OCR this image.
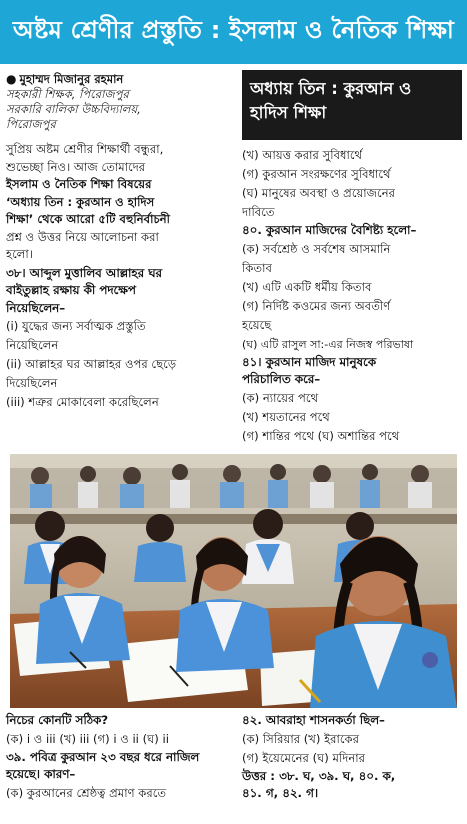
অষ্টম শ্রেণীর প্রস্তুতি : ইসলাম ও নৈতিক শিক্ষা
● মুহাম্মদ মিজানুর রহমান
সহকারী শিক্ষক, পিরোজপুর
সরকারি বালিকা উচ্চবিদ্যালয়,
পিরোজপুর
সুপ্রিয় অষ্টম শ্রেণীর শিক্ষার্থী বন্ধুরা,
শুভেচ্ছা নিও। আজ তোমাদের
ইসলাম ও নৈতিক শিক্ষা বিষয়ের
‘অধ্যায় তিন : কুরআন ও হাদিস
শিক্ষা’ থেকে আরো ৫টি বহুনির্বাচনী
প্রশ্ন ও উত্তর নিয়ে আলোচনা করা
হলো।
৩৮। আব্দুল মুত্তালিব আল্লাহর ঘর
বাইতুল্লাহ রক্ষায় কী পদক্ষেপ
নিয়েছিলেন–
(i) যুদ্ধের জন্য সর্বাত্মক প্রস্তুতি
নিয়েছিলেন
(ii) আল্লাহর ঘর আল্লাহর ওপর ছেড়ে
দিয়েছিলেন
(iii) শত্রুর মোকাবেলা করেছিলেন
অধ্যায় তিন : কুরআন ও হাদিস শিক্ষা
(খ) আয়ত্ত করার সুবিধার্থে
(গ) কুরআন সংরক্ষণের সুবিধার্থে
(ঘ) মানুষের অবস্থা ও প্রয়োজনের
দাবিতে
৪০. কুরআন মাজিদের বৈশিষ্ট্য হলো–
(ক) সর্বশ্রেষ্ঠ ও সর্বশেষ আসমানি
কিতাব
(খ) এটি একটি ধর্মীয় কিতাব
(গ) নির্দিষ্ট কওমের জন্য অবতীর্ণ
হয়েছে
(ঘ) এটি রাসুল সা:-এর নিজস্ব পরিভাষা
৪১। কুরআন মাজিদ মানুষকে
পরিচালিত করে–
(ক) ন্যায়ের পথে
(খ) শয়তানের পথে
(গ) শান্তির পথে (ঘ) অশান্তির পথে
নিচের কোনটি সঠিক?
(ক) i ও iii (খ) iii (গ) i ও ii (ঘ) ii
৩৯. পবিত্র কুরআন ২৩ বছর ধরে নাজিল
হয়েছে। কারণ–
(ক) কুরআনের শ্রেষ্ঠত্ব প্রমাণ করতে
৪২. আবরাহা শাসনকর্তা ছিল–
(ক) সিরিয়ার (খ) ইরাকের
(গ) ইয়েমেনের (ঘ) মদিনার
উত্তর : ৩৮. ঘ, ৩৯. ঘ, ৪০. ক,
৪১. গ, ৪২. গ।
